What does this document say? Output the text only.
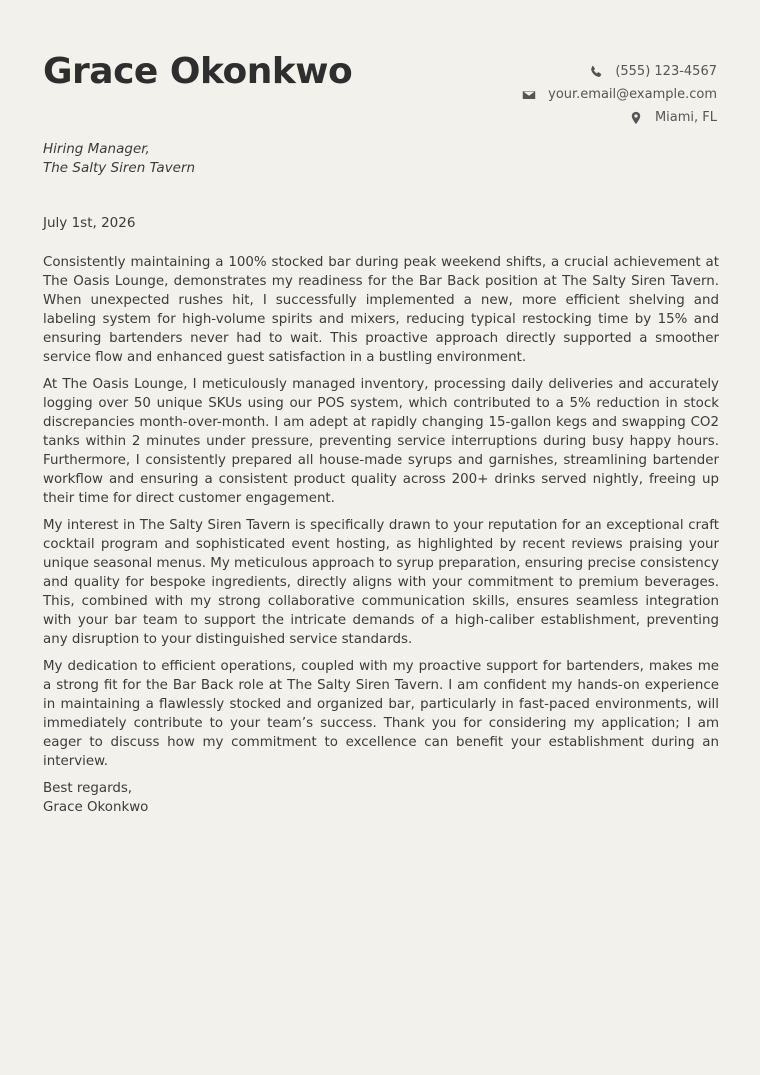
Grace Okonkwo	(555) 123-4567
your.email@example.com
Miami, FL
Hiring Manager,
The Salty Siren Tavern
July 1st, 2026

Consistently maintaining a 100% stocked bar during peak weekend shifts, a crucial achievement at The Oasis Lounge, demonstrates my readiness for the Bar Back position at The Salty Siren Tavern. When unexpected rushes hit, I successfully implemented a new, more efficient shelving and labeling system for high-volume spirits and mixers, reducing typical restocking time by 15% and ensuring bartenders never had to wait. This proactive approach directly supported a smoother service flow and enhanced guest satisfaction in a bustling environment.

At The Oasis Lounge, I meticulously managed inventory, processing daily deliveries and accurately logging over 50 unique SKUs using our POS system, which contributed to a 5% reduction in stock discrepancies month-over-month. I am adept at rapidly changing 15-gallon kegs and swapping CO2 tanks within 2 minutes under pressure, preventing service interruptions during busy happy hours. Furthermore, I consistently prepared all house-made syrups and garnishes, streamlining bartender workflow and ensuring a consistent product quality across 200+ drinks served nightly, freeing up their time for direct customer engagement.

My interest in The Salty Siren Tavern is specifically drawn to your reputation for an exceptional craft cocktail program and sophisticated event hosting, as highlighted by recent reviews praising your unique seasonal menus. My meticulous approach to syrup preparation, ensuring precise consistency and quality for bespoke ingredients, directly aligns with your commitment to premium beverages. This, combined with my strong collaborative communication skills, ensures seamless integration with your bar team to support the intricate demands of a high-caliber establishment, preventing any disruption to your distinguished service standards.

My dedication to efficient operations, coupled with my proactive support for bartenders, makes me a strong fit for the Bar Back role at The Salty Siren Tavern. I am confident my hands-on experience in maintaining a flawlessly stocked and organized bar, particularly in fast-paced environments, will immediately contribute to your team’s success. Thank you for considering my application; I am eager to discuss how my commitment to excellence can benefit your establishment during an interview.

Best regards,
Grace Okonkwo
